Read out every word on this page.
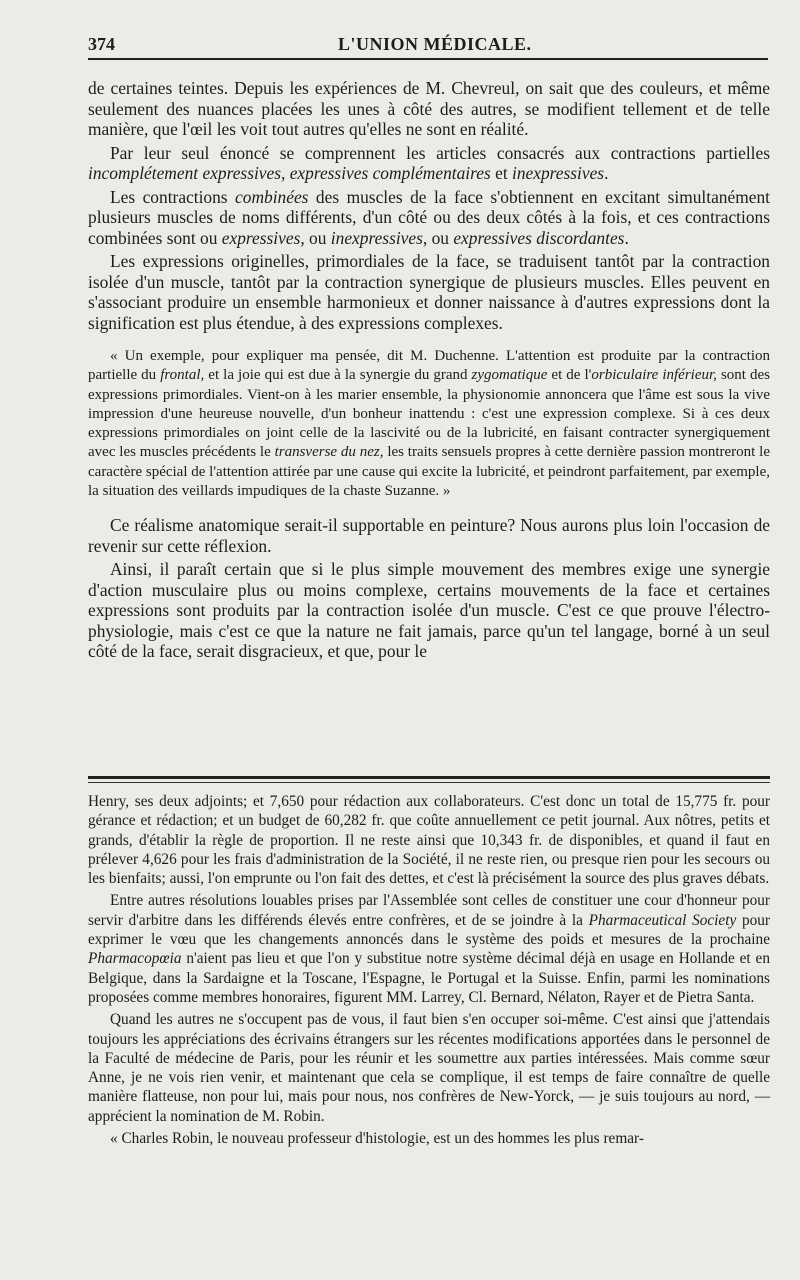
374	L'UNION MÉDICALE.

de certaines teintes. Depuis les expériences de M. Chevreul, on sait que des couleurs, et même seulement des nuances placées les unes à côté des autres, se modifient tellement et de telle manière, que l'œil les voit tout autres qu'elles ne sont en réalité.

Par leur seul énoncé se comprennent les articles consacrés aux contractions partielles incomplétement expressives, expressives complémentaires et inexpressives.

Les contractions combinées des muscles de la face s'obtiennent en excitant simultanément plusieurs muscles de noms différents, d'un côté ou des deux côtés à la fois, et ces contractions combinées sont ou expressives, ou inexpressives, ou expressives discordantes.

Les expressions originelles, primordiales de la face, se traduisent tantôt par la contraction isolée d'un muscle, tantôt par la contraction synergique de plusieurs muscles. Elles peuvent en s'associant produire un ensemble harmonieux et donner naissance à d'autres expressions dont la signification est plus étendue, à des expressions complexes.

« Un exemple, pour expliquer ma pensée, dit M. Duchenne. L'attention est produite par la contraction partielle du frontal, et la joie qui est due à la synergie du grand zygomatique et de l'orbiculaire inférieur, sont des expressions primordiales. Vient-on à les marier ensemble, la physionomie annoncera que l'âme est sous la vive impression d'une heureuse nouvelle, d'un bonheur inattendu : c'est une expression complexe. Si à ces deux expressions primordiales on joint celle de la lascivité ou de la lubricité, en faisant contracter synergiquement avec les muscles précédents le transverse du nez, les traits sensuels propres à cette dernière passion montreront le caractère spécial de l'attention attirée par une cause qui excite la lubricité, et peindront parfaitement, par exemple, la situation des veillards impudiques de la chaste Suzanne. »

Ce réalisme anatomique serait-il supportable en peinture? Nous aurons plus loin l'occasion de revenir sur cette réflexion.

Ainsi, il paraît certain que si le plus simple mouvement des membres exige une synergie d'action musculaire plus ou moins complexe, certains mouvements de la face et certaines expressions sont produits par la contraction isolée d'un muscle. C'est ce que prouve l'électro-physiologie, mais c'est ce que la nature ne fait jamais, parce qu'un tel langage, borné à un seul côté de la face, serait disgracieux, et que, pour le

Henry, ses deux adjoints; et 7,650 pour rédaction aux collaborateurs. C'est donc un total de 15,775 fr. pour gérance et rédaction; et un budget de 60,282 fr. que coûte annuellement ce petit journal. Aux nôtres, petits et grands, d'établir la règle de proportion. Il ne reste ainsi que 10,343 fr. de disponibles, et quand il faut en prélever 4,626 pour les frais d'administration de la Société, il ne reste rien, ou presque rien pour les secours ou les bienfaits; aussi, l'on emprunte ou l'on fait des dettes, et c'est là précisément la source des plus graves débats.

Entre autres résolutions louables prises par l'Assemblée sont celles de constituer une cour d'honneur pour servir d'arbitre dans les différends élevés entre confrères, et de se joindre à la Pharmaceutical Society pour exprimer le vœu que les changements annoncés dans le système des poids et mesures de la prochaine Pharmacopœia n'aient pas lieu et que l'on y substitue notre système décimal déjà en usage en Hollande et en Belgique, dans la Sardaigne et la Toscane, l'Espagne, le Portugal et la Suisse. Enfin, parmi les nominations proposées comme membres honoraires, figurent MM. Larrey, Cl. Bernard, Nélaton, Rayer et de Pietra Santa.

Quand les autres ne s'occupent pas de vous, il faut bien s'en occuper soi-même. C'est ainsi que j'attendais toujours les appréciations des écrivains étrangers sur les récentes modifications apportées dans le personnel de la Faculté de médecine de Paris, pour les réunir et les soumettre aux parties intéressées. Mais comme sœur Anne, je ne vois rien venir, et maintenant que cela se complique, il est temps de faire connaître de quelle manière flatteuse, non pour lui, mais pour nous, nos confrères de New-Yorck, — je suis toujours au nord, — apprécient la nomination de M. Robin.

« Charles Robin, le nouveau professeur d'histologie, est un des hommes les plus remar-
